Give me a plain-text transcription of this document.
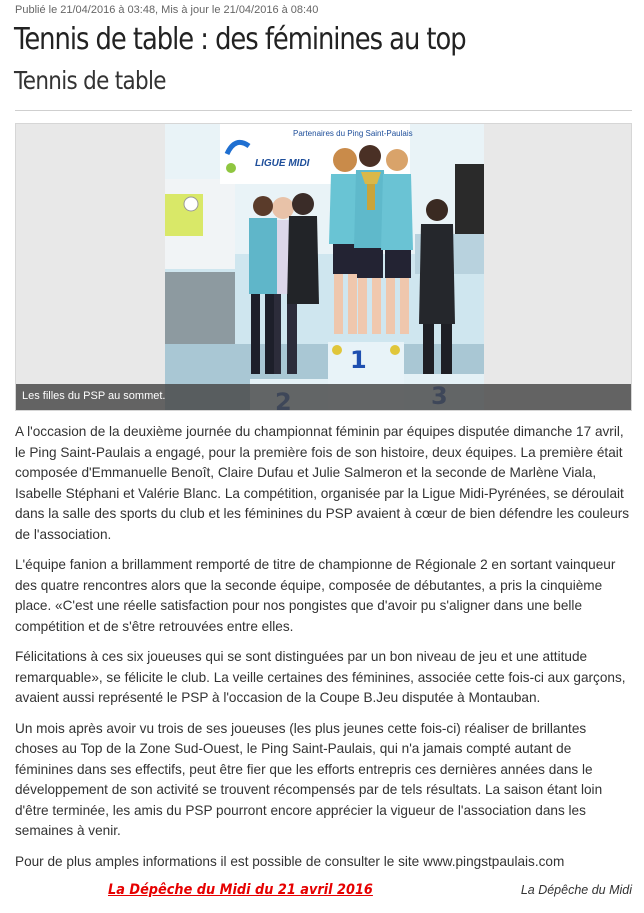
Publié le 21/04/2016 à 03:48, Mis à jour le 21/04/2016 à 08:40
Tennis de table : des féminines au top
Tennis de table
Partenaires du Ping Saint-Paulais
LIGUE MIDI
1
Les filles du PSP au sommet.

A l'occasion de la deuxième journée du championnat féminin par équipes disputée dimanche 17 avril, le Ping Saint-Paulais a engagé, pour la première fois de son histoire, deux équipes. La première était composée d'Emmanuelle Benoît, Claire Dufau et Julie Salmeron et la seconde de Marlène Viala, Isabelle Stéphani et Valérie Blanc. La compétition, organisée par la Ligue Midi-Pyrénées, se déroulait dans la salle des sports du club et les féminines du PSP avaient à cœur de bien défendre les couleurs de l'association.

L'équipe fanion a brillamment remporté de titre de championne de Régionale 2 en sortant vainqueur des quatre rencontres alors que la seconde équipe, composée de débutantes, a pris la cinquième place. «C'est une réelle satisfaction pour nos pongistes que d'avoir pu s'aligner dans une belle compétition et de s'être retrouvées entre elles.

Félicitations à ces six joueuses qui se sont distinguées par un bon niveau de jeu et une attitude remarquable», se félicite le club. La veille certaines des féminines, associée cette fois-ci aux garçons, avaient aussi représenté le PSP à l'occasion de la Coupe B.Jeu disputée à Montauban.

Un mois après avoir vu trois de ses joueuses (les plus jeunes cette fois-ci) réaliser de brillantes choses au Top de la Zone Sud-Ouest, le Ping Saint-Paulais, qui n'a jamais compté autant de féminines dans ses effectifs, peut être fier que les efforts entrepris ces dernières années dans le développement de son activité se trouvent récompensés par de tels résultats. La saison étant loin d'être terminée, les amis du PSP pourront encore apprécier la vigueur de l'association dans les semaines à venir.

Pour de plus amples informations il est possible de consulter le site www.pingstpaulais.com

La Dépêche du Midi du 21 avril 2016	La Dépêche du Midi
